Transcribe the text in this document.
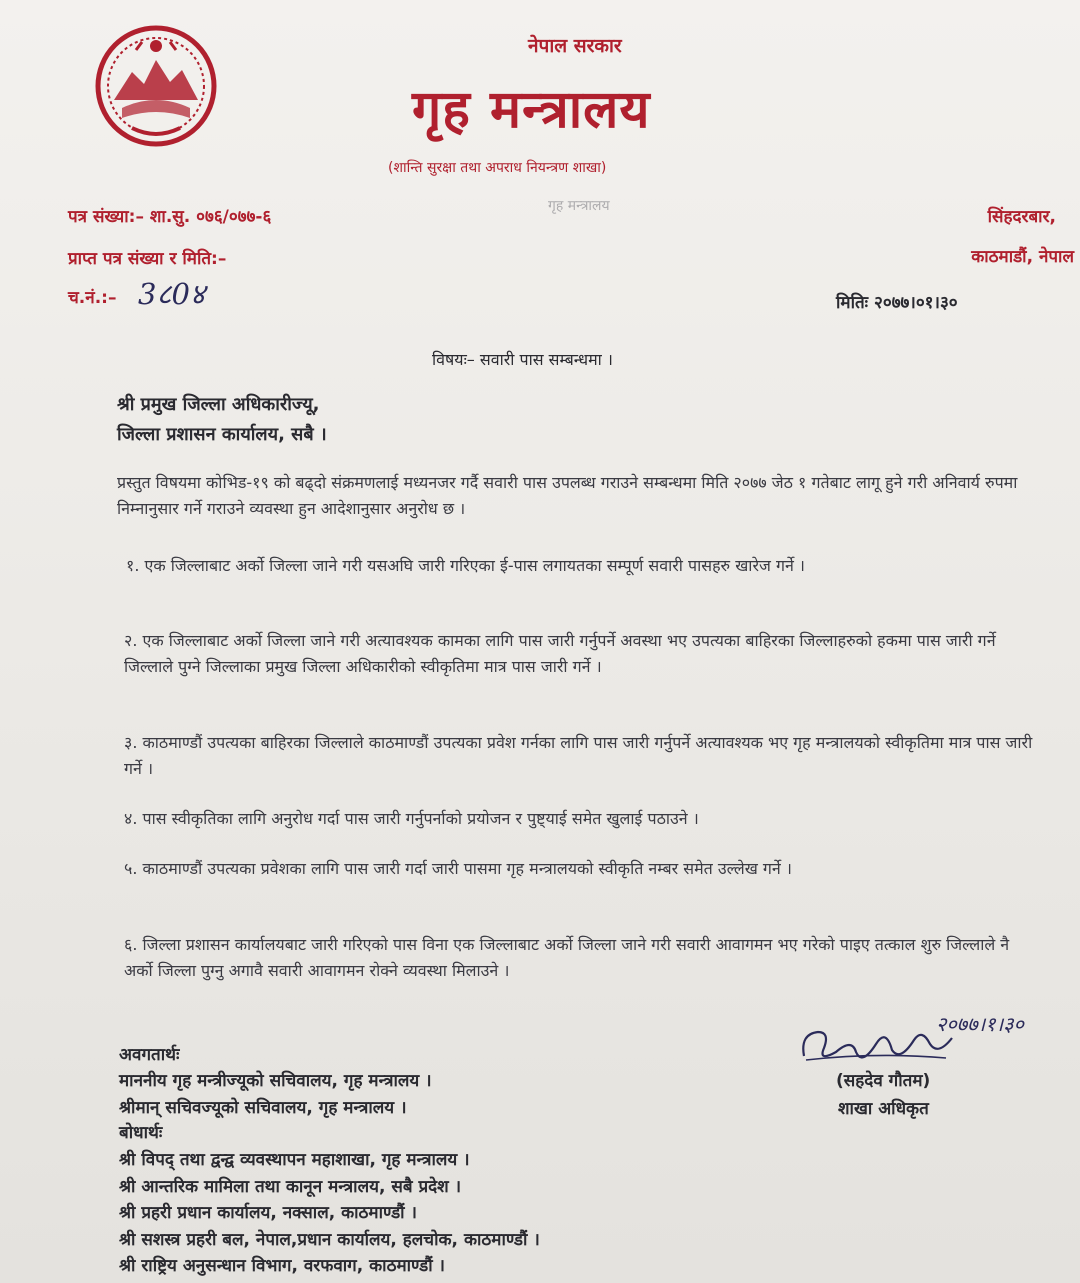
नेपाल सरकार
गृह मन्त्रालय
(शान्ति सुरक्षा तथा अपराध नियन्त्रण शाखा)
गृह मन्त्रालय
पत्र संख्या:– शा.सु. ०७६/०७७-६
प्राप्त पत्र संख्या र मिति:–
च.नं.:– 3८0४
सिंहदरबार,
काठमाडौं, नेपाल
मितिः २०७७।०१।३०
विषयः– सवारी पास सम्बन्धमा ।
श्री प्रमुख जिल्ला अधिकारीज्यू,
जिल्ला प्रशासन कार्यालय, सबै ।
प्रस्तुत विषयमा कोभिड-१९ को बढ्दो संक्रमणलाई मध्यनजर गर्दै सवारी पास उपलब्ध गराउने सम्बन्धमा मिति २०७७ जेठ १ गतेबाट लागू हुने गरी अनिवार्य रुपमा निम्नानुसार गर्ने गराउने व्यवस्था हुन आदेशानुसार अनुरोध छ ।
१. एक जिल्लाबाट अर्को जिल्ला जाने गरी यसअघि जारी गरिएका ई-पास लगायतका सम्पूर्ण सवारी पासहरु खारेज गर्ने ।
२. एक जिल्लाबाट अर्को जिल्ला जाने गरी अत्यावश्यक कामका लागि पास जारी गर्नुपर्ने अवस्था भए उपत्यका बाहिरका जिल्लाहरुको हकमा पास जारी गर्ने जिल्लाले पुग्ने जिल्लाका प्रमुख जिल्ला अधिकारीको स्वीकृतिमा मात्र पास जारी गर्ने ।
३. काठमाण्डौं उपत्यका बाहिरका जिल्लाले काठमाण्डौं उपत्यका प्रवेश गर्नका लागि पास जारी गर्नुपर्ने अत्यावश्यक भए गृह मन्त्रालयको स्वीकृतिमा मात्र पास जारी गर्ने ।
४. पास स्वीकृतिका लागि अनुरोध गर्दा पास जारी गर्नुपर्नाको प्रयोजन र पुष्ट्याई समेत खुलाई पठाउने ।
५. काठमाण्डौं उपत्यका प्रवेशका लागि पास जारी गर्दा जारी पासमा गृह मन्त्रालयको स्वीकृति नम्बर समेत उल्लेख गर्ने ।
६. जिल्ला प्रशासन कार्यालयबाट जारी गरिएको पास विना एक जिल्लाबाट अर्को जिल्ला जाने गरी सवारी आवागमन भए गरेको पाइए तत्काल शुरु जिल्लाले नै अर्को जिल्ला पुग्नु अगावै सवारी आवागमन रोक्ने व्यवस्था मिलाउने ।
२०७७।१।३०
(सहदेव गौतम)
शाखा अधिकृत
अवगतार्थः
माननीय गृह मन्त्रीज्यूको सचिवालय, गृह मन्त्रालय ।
श्रीमान् सचिवज्यूको सचिवालय, गृह मन्त्रालय ।
बोधार्थः
श्री विपद् तथा द्वन्द्व व्यवस्थापन महाशाखा, गृह मन्त्रालय ।
श्री आन्तरिक मामिला तथा कानून मन्त्रालय, सबै प्रदेश ।
श्री प्रहरी प्रधान कार्यालय, नक्साल, काठमाण्डौं ।
श्री सशस्त्र प्रहरी बल, नेपाल,प्रधान कार्यालय, हलचोक, काठमाण्डौं ।
श्री राष्ट्रिय अनुसन्धान विभाग, वरफवाग, काठमाण्डौं ।
